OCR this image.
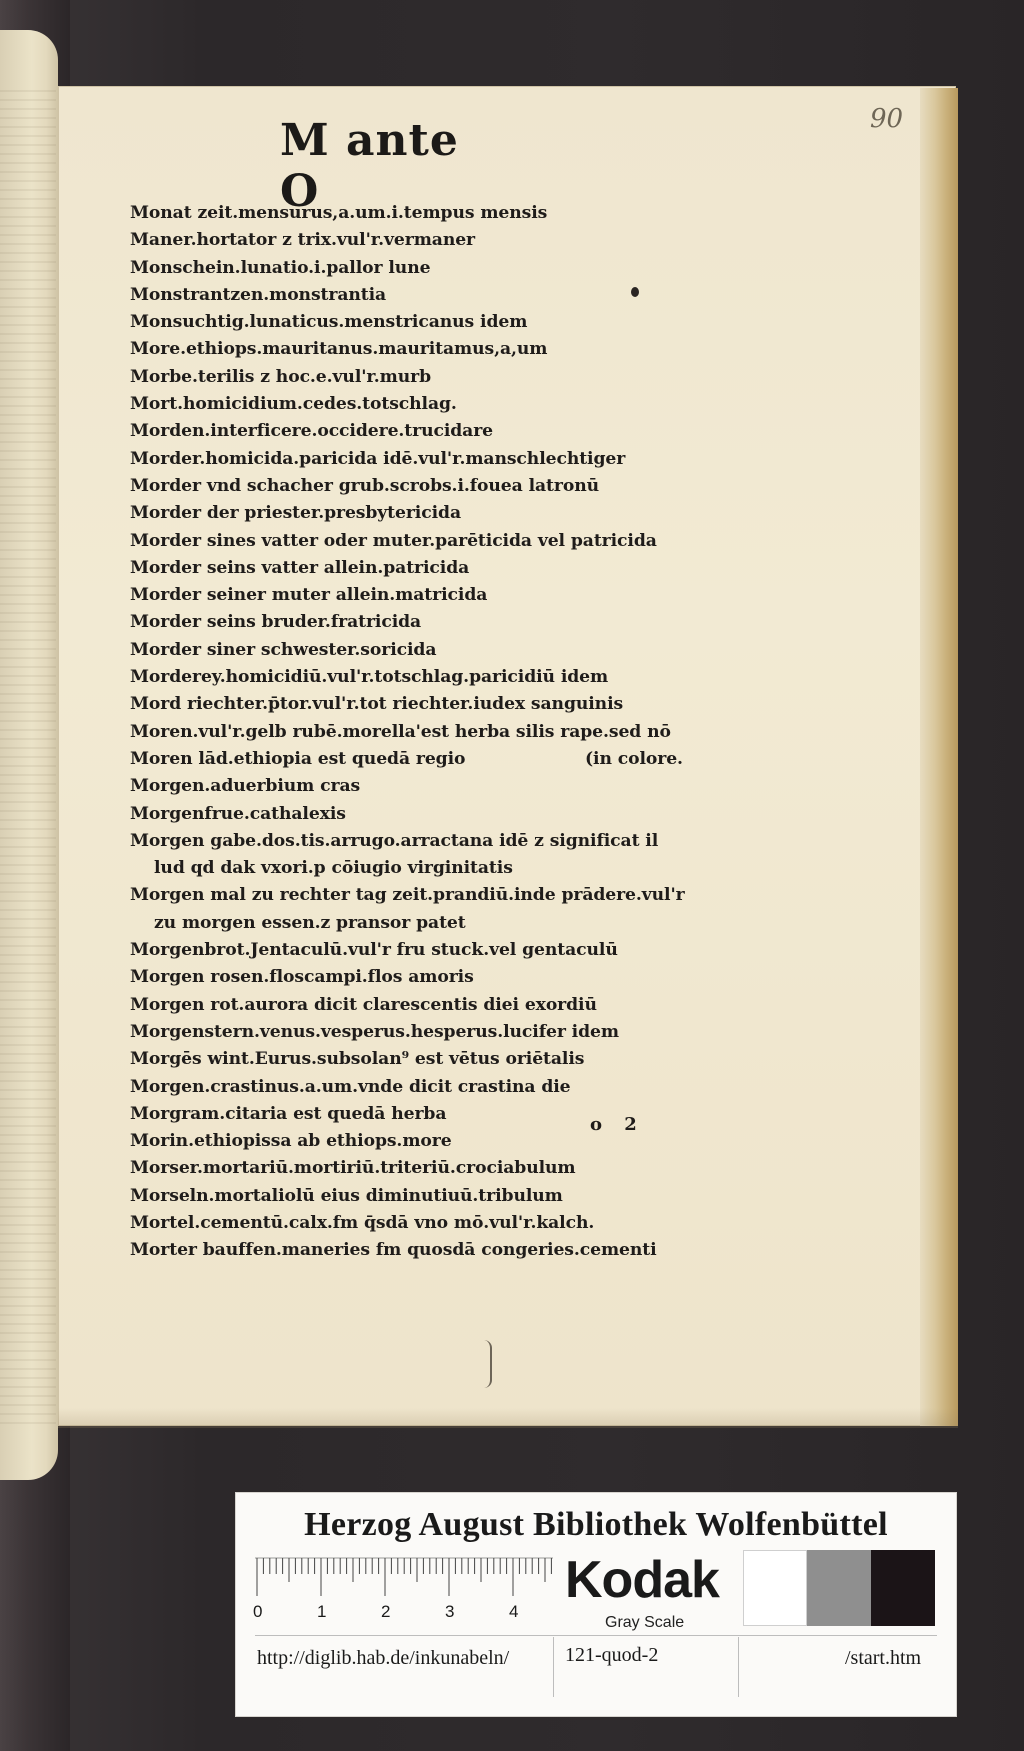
90
M ante O
Monat zeit.mensurus,a.um.i.tempus mensis
Maner.hortator z trix.vul'r.vermaner
Monschein.lunatio.i.pallor lune
Monstrantzen.monstrantia
Monsuchtig.lunaticus.menstricanus idem
More.ethiops.mauritanus.mauritamus,a,um
Morbe.terilis z hoc.e.vul'r.murb
Mort.homicidium.cedes.totschlag.
Morden.interficere.occidere.trucidare
Morder.homicida.paricida idē.vul'r.manschlechtiger
Morder vnd schacher grub.scrobs.i.fouea latronū
Morder der priester.presbytericida
Morder sines vatter oder muter.parēticida vel patricida
Morder seins vatter allein.patricida
Morder seiner muter allein.matricida
Morder seins bruder.fratricida
Morder siner schwester.soricida
Morderey.homicidiū.vul'r.totschlag.paricidiū idem
Mord riechter.p̄tor.vul'r.tot riechter.iudex sanguinis
Moren.vul'r.gelb rubē.morella'est herba silis rape.sed nō
Moren lād.ethiopia est quedā regio	(in colore.
Morgen.aduerbium cras
Morgenfrue.cathalexis
Morgen gabe.dos.tis.arrugo.arractana idē z significat il
lud qd dak vxori.p cōiugio virginitatis
Morgen mal zu rechter tag zeit.prandiū.inde prādere.vul'r
zu morgen essen.z pransor patet
Morgenbrot.Jentaculū.vul'r fru stuck.vel gentaculū
Morgen rosen.floscampi.flos amoris
Morgen rot.aurora dicit clarescentis diei exordiū
Morgenstern.venus.vesperus.hesperus.lucifer idem
Morgēs wint.Eurus.subsolan⁹ est vētus oriētalis
Morgen.crastinus.a.um.vnde dicit crastina die
Morgram.citaria est quedā herba
Morin.ethiopissa ab ethiops.more
Morser.mortariū.mortiriū.triteriū.crociabulum
Morseln.mortaliolū eius diminutiuū.tribulum
Mortel.cementū.calx.fm q̄sdā vno mō.vul'r.kalch.
Morter bauffen.maneries fm quosdā congeries.cementi
o 2
Herzog August Bibliothek Wolfenbüttel
0	1	2	3	4
Kodak
Gray Scale
http://diglib.hab.de/inkunabeln/	121-quod-2	/start.htm
